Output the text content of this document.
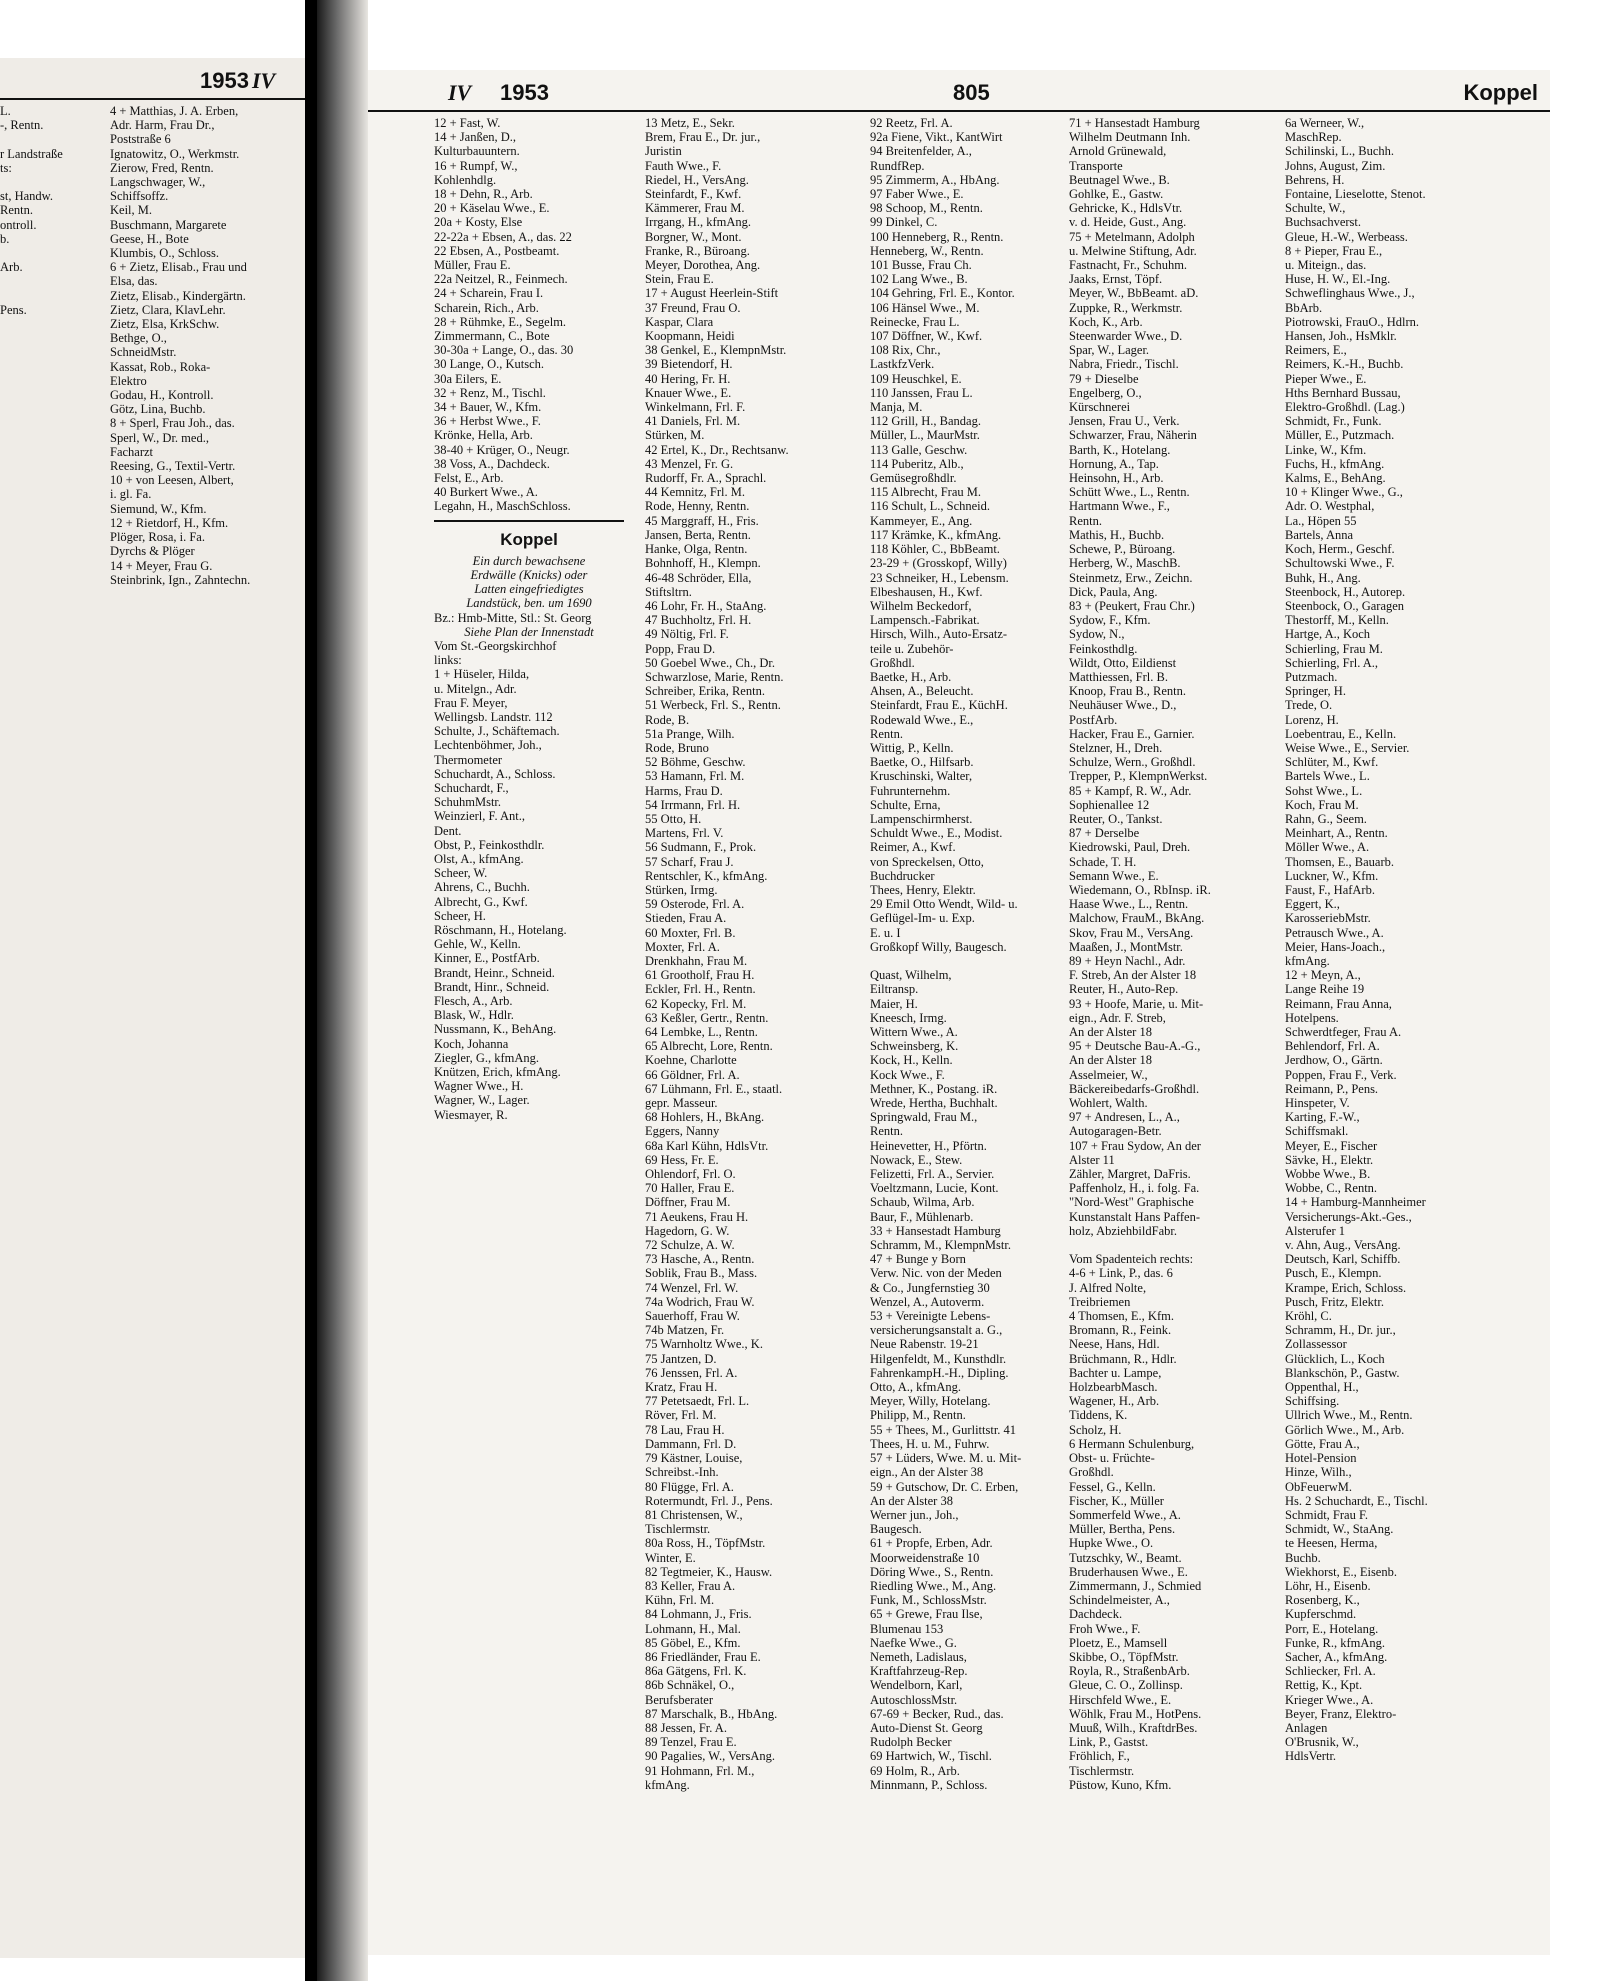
1953 IV
L.
-, Rentn.

r Landstraße
ts:

st, Handw.
Rentn.
ontroll.
b.

Arb.

Pens.
4 + Matthias, J. A. Erben,
Adr. Harm, Frau Dr.,
Poststraße 6
Ignatowitz, O., Werkmstr.
Zierow, Fred, Rentn.
Langschwager, W.,
Schiffsoffz.
Keil, M.
Buschmann, Margarete
Geese, H., Bote
Klumbis, O., Schloss.
6 + Zietz, Elisab., Frau und
Elsa, das.
Zietz, Elisab., Kindergärtn.
Zietz, Clara, KlavLehr.
Zietz, Elsa, KrkSchw.
Bethge, O.,
SchneidMstr.
Kassat, Rob., Roka-
Elektro
Godau, H., Kontroll.
Götz, Lina, Buchb.
8 + Sperl, Frau Joh., das.
Sperl, W., Dr. med.,
Facharzt
Reesing, G., Textil-Vertr.
10 + von Leesen, Albert,
i. gl. Fa.
Siemund, W., Kfm.
12 + Rietdorf, H., Kfm.
Plöger, Rosa, i. Fa.
Dyrchs & Plöger
14 + Meyer, Frau G.
Steinbrink, Ign., Zahntechn.
IV 1953	805	Koppel
12 + Fast, W.
14 + Janßen, D.,
Kulturbauuntern.
16 + Rumpf, W.,
Kohlenhdlg.
18 + Dehn, R., Arb.
20 + Käselau Wwe., E.
20a + Kosty, Else
22-22a + Ebsen, A., das. 22
22 Ebsen, A., Postbeamt.
Müller, Frau E.
22a Neitzel, R., Feinmech.
24 + Scharein, Frau I.
Scharein, Rich., Arb.
28 + Rühmke, E., Segelm.
Zimmermann, C., Bote
30-30a + Lange, O., das. 30
30 Lange, O., Kutsch.
30a Eilers, E.
32 + Renz, M., Tischl.
34 + Bauer, W., Kfm.
36 + Herbst Wwe., F.
Krönke, Hella, Arb.
38-40 + Krüger, O., Neugr.
38 Voss, A., Dachdeck.
Felst, E., Arb.
40 Burkert Wwe., A.
Legahn, H., MaschSchloss.
Koppel
Ein durch bewachsene
Erdwälle (Knicks) oder
Latten eingefriedigtes
Landstück, ben. um 1690
Bz.: Hmb-Mitte, Stl.: St. Georg
Siehe Plan der Innenstadt
Vom St.-Georgskirchhof
links:
1 + Hüseler, Hilda,
u. Mitelgn., Adr.
Frau F. Meyer,
Wellingsb. Landstr. 112
Schulte, J., Schäftemach.
Lechtenböhmer, Joh.,
Thermometer
Schuchardt, A., Schloss.
Schuchardt, F.,
SchuhmMstr.
Weinzierl, F. Ant.,
Dent.
Obst, P., Feinkosthdlr.
Olst, A., kfmAng.
Scheer, W.
Ahrens, C., Buchh.
Albrecht, G., Kwf.
Scheer, H.
Röschmann, H., Hotelang.
Gehle, W., Kelln.
Kinner, E., PostfArb.
Brandt, Heinr., Schneid.
Brandt, Hinr., Schneid.
Flesch, A., Arb.
Blask, W., Hdlr.
Nussmann, K., BehAng.
Koch, Johanna
Ziegler, G., kfmAng.
Knützen, Erich, kfmAng.
Wagner Wwe., H.
Wagner, W., Lager.
Wiesmayer, R.
13 Metz, E., Sekr.
Brem, Frau E., Dr. jur.,
Juristin
Fauth Wwe., F.
Riedel, H., VersAng.
Steinfardt, F., Kwf.
Kämmerer, Frau M.
Irrgang, H., kfmAng.
Borgner, W., Mont.
Franke, R., Büroang.
Meyer, Dorothea, Ang.
Stein, Frau E.
17 + August Heerlein-Stift
37 Freund, Frau O.
Kaspar, Clara
Koopmann, Heidi
38 Genkel, E., KlempnMstr.
39 Bietendorf, H.
40 Hering, Fr. H.
Knauer Wwe., E.
Winkelmann, Frl. F.
41 Daniels, Frl. M.
Stürken, M.
42 Ertel, K., Dr., Rechtsanw.
43 Menzel, Fr. G.
Rudorff, Fr. A., Sprachl.
44 Kemnitz, Frl. M.
Rode, Henny, Rentn.
45 Marggraff, H., Fris.
Jansen, Berta, Rentn.
Hanke, Olga, Rentn.
Bohnhoff, H., Klempn.
46-48 Schröder, Ella,
Stiftsltrn.
46 Lohr, Fr. H., StaAng.
47 Buchholtz, Frl. H.
49 Nöltig, Frl. F.
Popp, Frau D.
50 Goebel Wwe., Ch., Dr.
Schwarzlose, Marie, Rentn.
Schreiber, Erika, Rentn.
51 Werbeck, Frl. S., Rentn.
Rode, B.
51a Prange, Wilh.
Rode, Bruno
52 Böhme, Geschw.
53 Hamann, Frl. M.
Harms, Frau D.
54 Irrmann, Frl. H.
55 Otto, H.
Martens, Frl. V.
56 Sudmann, F., Prok.
57 Scharf, Frau J.
Rentschler, K., kfmAng.
Stürken, Irmg.
59 Osterode, Frl. A.
Stieden, Frau A.
60 Moxter, Frl. B.
Moxter, Frl. A.
Drenkhahn, Frau M.
61 Grootholf, Frau H.
Eckler, Frl. H., Rentn.
62 Kopecky, Frl. M.
63 Keßler, Gertr., Rentn.
64 Lembke, L., Rentn.
65 Albrecht, Lore, Rentn.
Koehne, Charlotte
66 Göldner, Frl. A.
67 Lühmann, Frl. E., staatl.
gepr. Masseur.
68 Hohlers, H., BkAng.
Eggers, Nanny
68a Karl Kühn, HdlsVtr.
69 Hess, Fr. E.
Ohlendorf, Frl. O.
70 Haller, Frau E.
Döffner, Frau M.
71 Aeukens, Frau H.
Hagedorn, G. W.
72 Schulze, A. W.
73 Hasche, A., Rentn.
Soblik, Frau B., Mass.
74 Wenzel, Frl. W.
74a Wodrich, Frau W.
Sauerhoff, Frau W.
74b Matzen, Fr.
75 Warnholtz Wwe., K.
75 Jantzen, D.
76 Jenssen, Frl. A.
Kratz, Frau H.
77 Petetsaedt, Frl. L.
Röver, Frl. M.
78 Lau, Frau H.
Dammann, Frl. D.
79 Kästner, Louise,
Schreibst.-Inh.
80 Flügge, Frl. A.
Rotermundt, Frl. J., Pens.
81 Christensen, W.,
Tischlermstr.
80a Ross, H., TöpfMstr.
Winter, E.
82 Tegtmeier, K., Hausw.
83 Keller, Frau A.
Kühn, Frl. M.
84 Lohmann, J., Fris.
Lohmann, H., Mal.
85 Göbel, E., Kfm.
86 Friedländer, Frau E.
86a Gätgens, Frl. K.
86b Schnäkel, O.,
Berufsberater
87 Marschalk, B., HbAng.
88 Jessen, Fr. A.
89 Tenzel, Frau E.
90 Pagalies, W., VersAng.
91 Hohmann, Frl. M.,
kfmAng.
92 Reetz, Frl. A.
92a Fiene, Vikt., KantWirt
94 Breitenfelder, A.,
RundfRep.
95 Zimmerm, A., HbAng.
97 Faber Wwe., E.
98 Schoop, M., Rentn.
99 Dinkel, C.
100 Henneberg, R., Rentn.
Henneberg, W., Rentn.
101 Busse, Frau Ch.
102 Lang Wwe., B.
104 Gehring, Frl. E., Kontor.
106 Hänsel Wwe., M.
Reinecke, Frau L.
107 Döffner, W., Kwf.
108 Rix, Chr.,
LastkfzVerk.
109 Heuschkel, E.
110 Janssen, Frau L.
Manja, M.
112 Grill, H., Bandag.
Müller, L., MaurMstr.
113 Galle, Geschw.
114 Puberitz, Alb.,
Gemüsegroßhdlr.
115 Albrecht, Frau M.
116 Schult, L., Schneid.
Kammeyer, E., Ang.
117 Krämke, K., kfmAng.
118 Köhler, C., BbBeamt.
23-29 + (Grosskopf, Willy)
23 Schneiker, H., Lebensm.
Elbeshausen, H., Kwf.
Wilhelm Beckedorf,
Lampensch.-Fabrikat.
Hirsch, Wilh., Auto-Ersatz-
teile u. Zubehör-
Großhdl.
Baetke, H., Arb.
Ahsen, A., Beleucht.
Steinfardt, Frau E., KüchH.
Rodewald Wwe., E.,
Rentn.
Wittig, P., Kelln.
Baetke, O., Hilfsarb.
Kruschinski, Walter,
Fuhrunternehm.
Schulte, Erna,
Lampenschirmherst.
Schuldt Wwe., E., Modist.
Reimer, A., Kwf.
von Spreckelsen, Otto,
Buchdrucker
Thees, Henry, Elektr.
29 Emil Otto Wendt, Wild- u.
Geflügel-Im- u. Exp.
E. u. I
Großkopf Willy, Baugesch.

Quast, Wilhelm,
Eiltransp.
Maier, H.
Kneesch, Irmg.
Wittern Wwe., A.
Schweinsberg, K.
Kock, H., Kelln.
Kock Wwe., F.
Methner, K., Postang. iR.
Wrede, Hertha, Buchhalt.
Springwald, Frau M.,
Rentn.
Heinevetter, H., Pförtn.
Nowack, E., Stew.
Felizetti, Frl. A., Servier.
Voeltzmann, Lucie, Kont.
Schaub, Wilma, Arb.
Baur, F., Mühlenarb.
33 + Hansestadt Hamburg
Schramm, M., KlempnMstr.
47 + Bunge y Born
Verw. Nic. von der Meden
& Co., Jungfernstieg 30
Wenzel, A., Autoverm.
53 + Vereinigte Lebens-
versicherungsanstalt a. G.,
Neue Rabenstr. 19-21
Hilgenfeldt, M., Kunsthdlr.
FahrenkampH.-H., Dipling.
Otto, A., kfmAng.
Meyer, Willy, Hotelang.
Philipp, M., Rentn.
55 + Thees, M., Gurlittstr. 41
Thees, H. u. M., Fuhrw.
57 + Lüders, Wwe. M. u. Mit-
eign., An der Alster 38
59 + Gutschow, Dr. C. Erben,
An der Alster 38
Werner jun., Joh.,
Baugesch.
61 + Propfe, Erben, Adr.
Moorweidenstraße 10
Döring Wwe., S., Rentn.
Riedling Wwe., M., Ang.
Funk, M., SchlossMstr.
65 + Grewe, Frau Ilse,
Blumenau 153
Naefke Wwe., G.
Nemeth, Ladislaus,
Kraftfahrzeug-Rep.
Wendelborn, Karl,
AutoschlossMstr.
67-69 + Becker, Rud., das.
Auto-Dienst St. Georg
Rudolph Becker
69 Hartwich, W., Tischl.
69 Holm, R., Arb.
Minnmann, P., Schloss.
71 + Hansestadt Hamburg
Wilhelm Deutmann Inh.
Arnold Grünewald,
Transporte
Beutnagel Wwe., B.
Gohlke, E., Gastw.
Gehricke, K., HdlsVtr.
v. d. Heide, Gust., Ang.
75 + Metelmann, Adolph
u. Melwine Stiftung, Adr.
Fastnacht, Fr., Schuhm.
Jaaks, Ernst, Töpf.
Meyer, W., BbBeamt. aD.
Zuppke, R., Werkmstr.
Koch, K., Arb.
Steenwarder Wwe., D.
Spar, W., Lager.
Nabra, Friedr., Tischl.
79 + Dieselbe
Engelberg, O.,
Kürschnerei
Jensen, Frau U., Verk.
Schwarzer, Frau, Näherin
Barth, K., Hotelang.
Hornung, A., Tap.
Heinsohn, H., Arb.
Schütt Wwe., L., Rentn.
Hartmann Wwe., F.,
Rentn.
Mathis, H., Buchb.
Schewe, P., Büroang.
Herberg, W., MaschB.
Steinmetz, Erw., Zeichn.
Dick, Paula, Ang.
83 + (Peukert, Frau Chr.)
Sydow, F., Kfm.
Sydow, N.,
Feinkosthdlg.
Wildt, Otto, Eildienst
Matthiessen, Frl. B.
Knoop, Frau B., Rentn.
Neuhäuser Wwe., D.,
PostfArb.
Hacker, Frau E., Garnier.
Stelzner, H., Dreh.
Schulze, Wern., Großhdl.
Trepper, P., KlempnWerkst.
85 + Kampf, R. W., Adr.
Sophienallee 12
Reuter, O., Tankst.
87 + Derselbe
Kiedrowski, Paul, Dreh.
Schade, T. H.
Semann Wwe., E.
Wiedemann, O., RbInsp. iR.
Haase Wwe., L., Rentn.
Malchow, FrauM., BkAng.
Skov, Frau M., VersAng.
Maaßen, J., MontMstr.
89 + Heyn Nachl., Adr.
F. Streb, An der Alster 18
Reuter, H., Auto-Rep.
93 + Hoofe, Marie, u. Mit-
eign., Adr. F. Streb,
An der Alster 18
95 + Deutsche Bau-A.-G.,
An der Alster 18
Asselmeier, W.,
Bäckereibedarfs-Großhdl.
Wohlert, Walth.
97 + Andresen, L., A.,
Autogaragen-Betr.
107 + Frau Sydow, An der
Alster 11
Zähler, Margret, DaFris.
Paffenholz, H., i. folg. Fa.
"Nord-West" Graphische
Kunstanstalt Hans Paffen-
holz, AbziehbildFabr.

Vom Spadenteich rechts:
4-6 + Link, P., das. 6
J. Alfred Nolte,
Treibriemen
4 Thomsen, E., Kfm.
Bromann, R., Feink.
Neese, Hans, Hdl.
Brüchmann, R., Hdlr.
Bachter u. Lampe,
HolzbearbMasch.
Wagener, H., Arb.
Tiddens, K.
Scholz, H.
6 Hermann Schulenburg,
Obst- u. Früchte-
Großhdl.
Fessel, G., Kelln.
Fischer, K., Müller
Sommerfeld Wwe., A.
Müller, Bertha, Pens.
Hupke Wwe., O.
Tutzschky, W., Beamt.
Bruderhausen Wwe., E.
Zimmermann, J., Schmied
Schindelmeister, A.,
Dachdeck.
Froh Wwe., F.
Ploetz, E., Mamsell
Skibbe, O., TöpfMstr.
Royla, R., StraßenbArb.
Gleue, C. O., Zollinsp.
Hirschfeld Wwe., E.
Wöhlk, Frau M., HotPens.
Muuß, Wilh., KraftdrBes.
Link, P., Gastst.
Fröhlich, F.,
Tischlermstr.
Püstow, Kuno, Kfm.
6a Werneer, W.,
MaschRep.
Schilinski, L., Buchh.
Johns, August, Zim.
Behrens, H.
Fontaine, Lieselotte, Stenot.
Schulte, W.,
Buchsachverst.
Gleue, H.-W., Werbeass.
8 + Pieper, Frau E.,
u. Miteign., das.
Huse, H. W., El.-Ing.
Schweflinghaus Wwe., J.,
BbArb.
Piotrowski, FrauO., Hdlrn.
Hansen, Joh., HsMklr.
Reimers, E.,
Reimers, K.-H., Buchb.
Pieper Wwe., E.
Hths Bernhard Bussau,
Elektro-Großhdl. (Lag.)
Schmidt, Fr., Funk.
Müller, E., Putzmach.
Linke, W., Kfm.
Fuchs, H., kfmAng.
Kalms, E., BehAng.
10 + Klinger Wwe., G.,
Adr. O. Westphal,
La., Höpen 55
Bartels, Anna
Koch, Herm., Geschf.
Schultowski Wwe., F.
Buhk, H., Ang.
Steenbock, H., Autorep.
Steenbock, O., Garagen
Thestorff, M., Kelln.
Hartge, A., Koch
Schierling, Frau M.
Schierling, Frl. A.,
Putzmach.
Springer, H.
Trede, O.
Lorenz, H.
Loebentrau, E., Kelln.
Weise Wwe., E., Servier.
Schlüter, M., Kwf.
Bartels Wwe., L.
Sohst Wwe., L.
Koch, Frau M.
Rahn, G., Seem.
Meinhart, A., Rentn.
Möller Wwe., A.
Thomsen, E., Bauarb.
Luckner, W., Kfm.
Faust, F., HafArb.
Eggert, K.,
KarosseriebMstr.
Petrausch Wwe., A.
Meier, Hans-Joach.,
kfmAng.
12 + Meyn, A.,
Lange Reihe 19
Reimann, Frau Anna,
Hotelpens.
Schwerdtfeger, Frau A.
Behlendorf, Frl. A.
Jerdhow, O., Gärtn.
Poppen, Frau F., Verk.
Reimann, P., Pens.
Hinspeter, V.
Karting, F.-W.,
Schiffsmakl.
Meyer, E., Fischer
Sävke, H., Elektr.
Wobbe Wwe., B.
Wobbe, C., Rentn.
14 + Hamburg-Mannheimer
Versicherungs-Akt.-Ges.,
Alsterufer 1
v. Ahn, Aug., VersAng.
Deutsch, Karl, Schiffb.
Pusch, E., Klempn.
Krampe, Erich, Schloss.
Pusch, Fritz, Elektr.
Kröhl, C.
Schramm, H., Dr. jur.,
Zollassessor
Glücklich, L., Koch
Blankschön, P., Gastw.
Oppenthal, H.,
Schiffsing.
Ullrich Wwe., M., Rentn.
Görlich Wwe., M., Arb.
Götte, Frau A.,
Hotel-Pension
Hinze, Wilh.,
ObFeuerwM.
Hs. 2 Schuchardt, E., Tischl.
Schmidt, Frau F.
Schmidt, W., StaAng.
te Heesen, Herma,
Buchb.
Wiekhorst, E., Eisenb.
Löhr, H., Eisenb.
Rosenberg, K.,
Kupferschmd.
Porr, E., Hotelang.
Funke, R., kfmAng.
Sacher, A., kfmAng.
Schliecker, Frl. A.
Rettig, K., Kpt.
Krieger Wwe., A.
Beyer, Franz, Elektro-
Anlagen
O'Brusnik, W.,
HdlsVertr.
